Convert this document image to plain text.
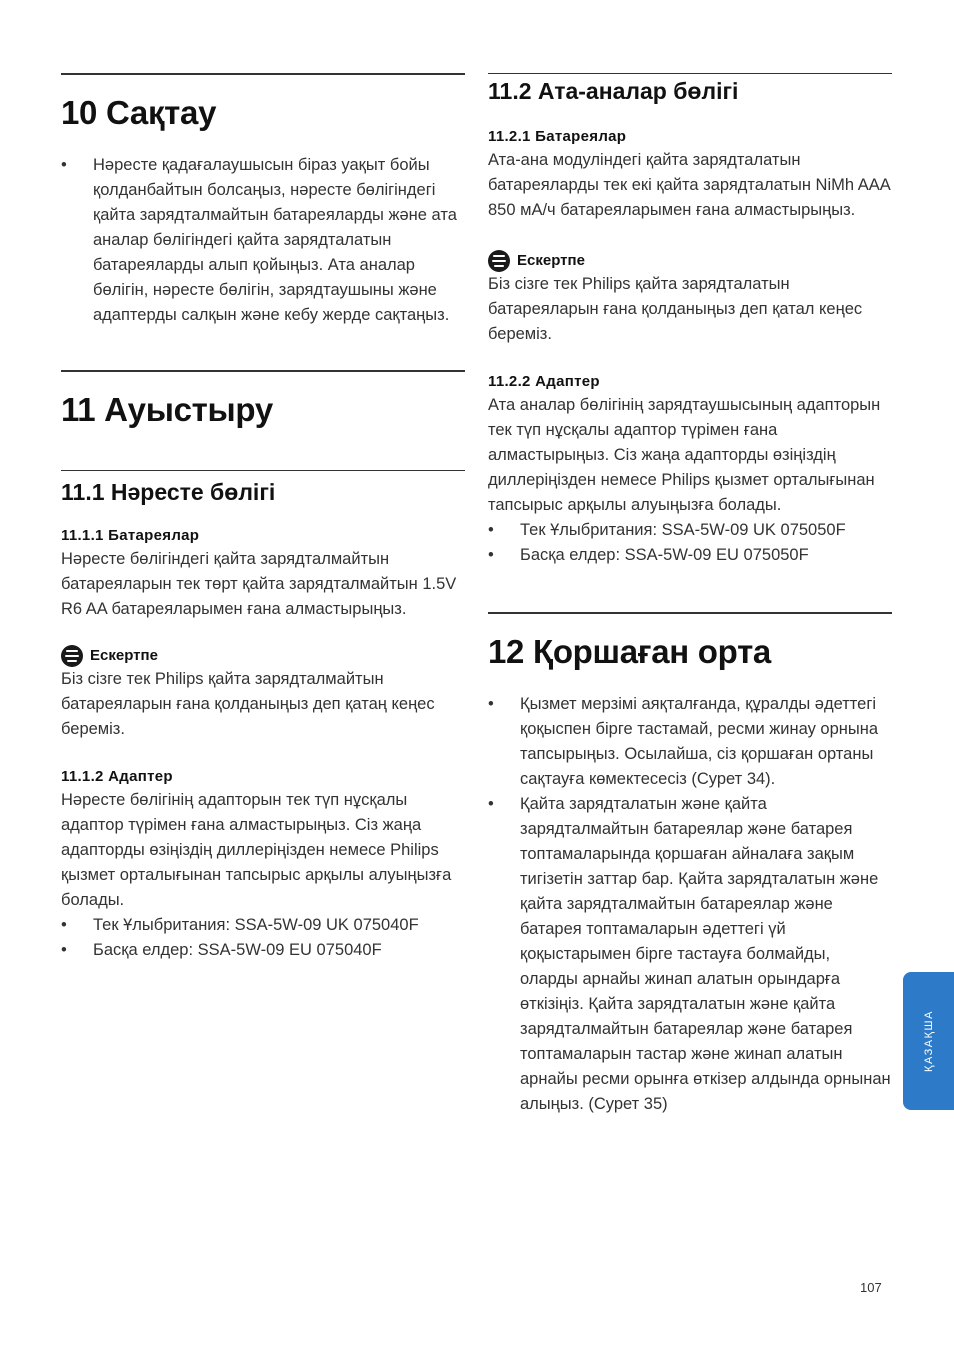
10 Сақтау
• Нәресте қадағалаушысын біраз уақыт бойы қолданбайтын болсаңыз, нәресте бөлігіндегі қайта зарядталмайтын батареяларды және ата аналар бөлігіндегі қайта зарядталатын батареяларды алып қойыңыз. Ата аналар бөлігін, нәресте бөлігін, зарядтаушыны және адаптерды салқын және кебу жерде сақтаңыз.
11 Ауыстыру
11.1 Нәресте бөлігі
11.1.1 Батареялар

Нәресте бөлігіндегі қайта зарядталмайтын батареяларын тек төрт қайта зарядталмайтын 1.5V R6 AA батареяларымен ғана алмастырыңыз.

Ескертпе

Біз сізге тек Philips қайта зарядталмайтын батареяларын ғана қолданыңыз деп қатаң кеңес береміз.

11.1.2 Адаптер

Нәресте бөлігінің адапторын тек түп нұсқалы адаптор түрімен ғана алмастырыңыз. Сіз жаңа адапторды өзіңіздің диллеріңізден немесе Philips қызмет орталығынан тапсырыс арқылы алуыңызға болады.

• Тек Ұлыбритания: SSA-5W-09 UK 075040F
• Басқа елдер: SSA-5W-09 EU 075040F
11.2 Ата-аналар бөлігі
11.2.1 Батареялар

Ата-ана модуліндегі қайта зарядталатын батареяларды тек екі қайта зарядталатын NiMh AAA 850 мА/ч батареяларымен ғана алмастырыңыз.

Ескертпе

Біз сізге тек Philips қайта зарядталатын батареяларын ғана қолданыңыз деп қатал кеңес береміз.

11.2.2 Адаптер

Ата аналар бөлігінің зарядтаушысының адапторын тек түп нұсқалы адаптор түрімен ғана алмастырыңыз. Сіз жаңа адапторды өзіңіздің диллеріңізден немесе Philips қызмет орталығынан тапсырыс арқылы алуыңызға болады.

• Тек Ұлыбритания: SSA-5W-09 UK 075050F
• Басқа елдер: SSA-5W-09 EU 075050F
12 Қоршаған орта
• Қызмет мерзімі аяқталғанда, құралды әдеттегі қоқыспен бірге тастамай, ресми жинау орнына тапсырыңыз. Осылайша, сіз қоршаған ортаны сақтауға көмектесесіз (Сурет 34).
• Қайта зарядталатын және қайта зарядталмайтын батареялар және батарея топтамаларында қоршаған айналаға зақым тигізетін заттар бар. Қайта зарядталатын және қайта зарядталмайтын батареялар және батарея топтамаларын әдеттегі үй қоқыстарымен бірге тастауға болмайды, оларды арнайы жинап алатын орындарға өткізіңіз. Қайта зарядталатын және қайта зарядталмайтын батареялар және батарея топтамаларын тастар және жинап алатын арнайы ресми орынға өткізер алдында орнынан алыңыз. (Сурет 35)
ҚАЗАҚША
107
